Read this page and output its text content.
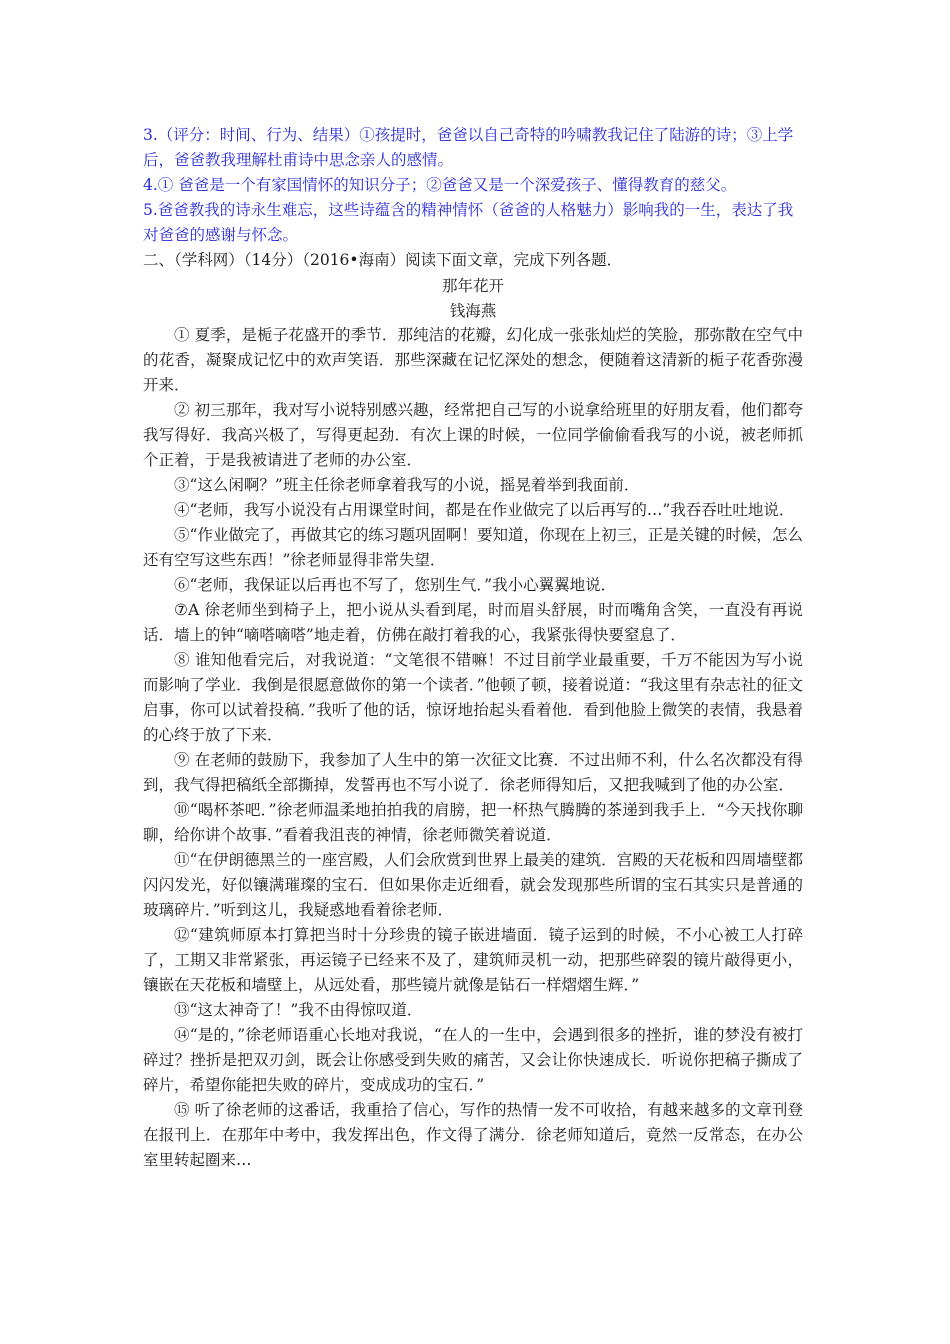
3.（评分：时间、行为、结果）①孩提时，爸爸以自己奇特的吟啸教我记住了陆游的诗；③上学后，爸爸教我理解杜甫诗中思念亲人的感情。

4.① 爸爸是一个有家国情怀的知识分子；②爸爸又是一个深爱孩子、懂得教育的慈父。

5.爸爸教我的诗永生难忘，这些诗蕴含的精神情怀（爸爸的人格魅力）影响我的一生，表达了我对爸爸的感谢与怀念。

二、（学科网）（14分）（2016•海南）阅读下面文章，完成下列各题．

那年花开

钱海燕

① 夏季，是栀子花盛开的季节．那纯洁的花瓣，幻化成一张张灿烂的笑脸，那弥散在空气中的花香，凝聚成记忆中的欢声笑语．那些深藏在记忆深处的想念，便随着这清新的栀子花香弥漫开来．

② 初三那年，我对写小说特别感兴趣，经常把自己写的小说拿给班里的好朋友看，他们都夸我写得好．我高兴极了，写得更起劲．有次上课的时候，一位同学偷偷看我写的小说，被老师抓个正着，于是我被请进了老师的办公室．

③“这么闲啊？”班主任徐老师拿着我写的小说，摇晃着举到我面前．

④“老师，我写小说没有占用课堂时间，都是在作业做完了以后再写的…”我吞吞吐吐地说．

⑤“作业做完了，再做其它的练习题巩固啊！要知道，你现在上初三，正是关键的时候，怎么还有空写这些东西！”徐老师显得非常失望．

⑥“老师，我保证以后再也不写了，您别生气．”我小心翼翼地说．

⑦A 徐老师坐到椅子上，把小说从头看到尾，时而眉头舒展，时而嘴角含笑，一直没有再说话．墙上的钟“嘀嗒嘀嗒”地走着，仿佛在敲打着我的心，我紧张得快要窒息了．

⑧ 谁知他看完后，对我说道：“文笔很不错嘛！不过目前学业最重要，千万不能因为写小说而影响了学业．我倒是很愿意做你的第一个读者．”他顿了顿，接着说道：“我这里有杂志社的征文启事，你可以试着投稿．”我听了他的话，惊讶地抬起头看着他．看到他脸上微笑的表情，我悬着的心终于放了下来．

⑨ 在老师的鼓励下，我参加了人生中的第一次征文比赛．不过出师不利，什么名次都没有得到，我气得把稿纸全部撕掉，发誓再也不写小说了．徐老师得知后，又把我喊到了他的办公室．

⑩“喝杯茶吧．”徐老师温柔地拍拍我的肩膀，把一杯热气腾腾的茶递到我手上．“今天找你聊聊，给你讲个故事．”看着我沮丧的神情，徐老师微笑着说道．

⑪“在伊朗德黑兰的一座宫殿，人们会欣赏到世界上最美的建筑．宫殿的天花板和四周墙壁都闪闪发光，好似镶满璀璨的宝石．但如果你走近细看，就会发现那些所谓的宝石其实只是普通的玻璃碎片．”听到这儿，我疑惑地看着徐老师．

⑫“建筑师原本打算把当时十分珍贵的镜子嵌进墙面．镜子运到的时候，不小心被工人打碎了，工期又非常紧张，再运镜子已经来不及了，建筑师灵机一动，把那些碎裂的镜片敲得更小，镶嵌在天花板和墙壁上，从远处看，那些镜片就像是钻石一样熠熠生辉．”

⑬“这太神奇了！”我不由得惊叹道．

⑭“是的，”徐老师语重心长地对我说，“在人的一生中，会遇到很多的挫折，谁的梦没有被打碎过？挫折是把双刃剑，既会让你感受到失败的痛苦，又会让你快速成长．听说你把稿子撕成了碎片，希望你能把失败的碎片，变成成功的宝石．”

⑮ 听了徐老师的这番话，我重拾了信心，写作的热情一发不可收拾，有越来越多的文章刊登在报刊上．在那年中考中，我发挥出色，作文得了满分．徐老师知道后，竟然一反常态，在办公室里转起圈来…
